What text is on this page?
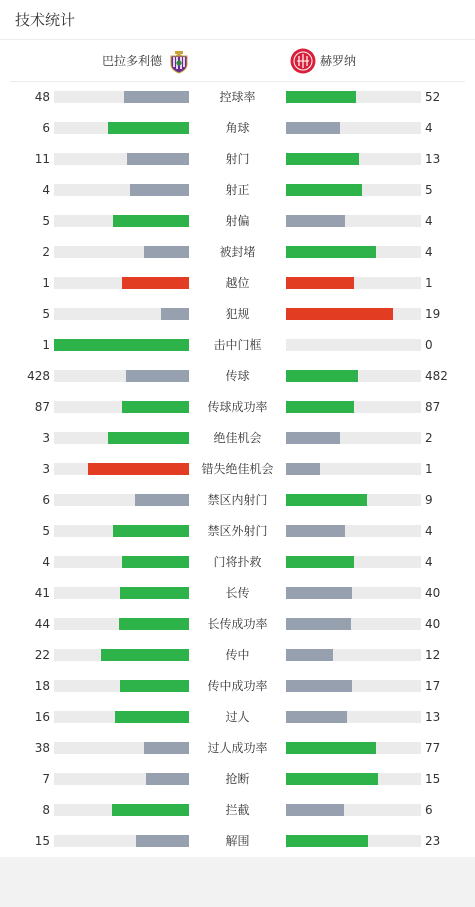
技术统计
巴拉多利德	赫罗纳
48	控球率	52
6	角球	4
11	射门	13
4	射正	5
5	射偏	4
2	被封堵	4
1	越位	1
5	犯规	19
1	击中门框	0
428	传球	482
87	传球成功率	87
3	绝佳机会	2
3	错失绝佳机会	1
6	禁区内射门	9
5	禁区外射门	4
4	门将扑救	4
41	长传	40
44	长传成功率	40
22	传中	12
18	传中成功率	17
16	过人	13
38	过人成功率	77
7	抢断	15
8	拦截	6
15	解围	23
